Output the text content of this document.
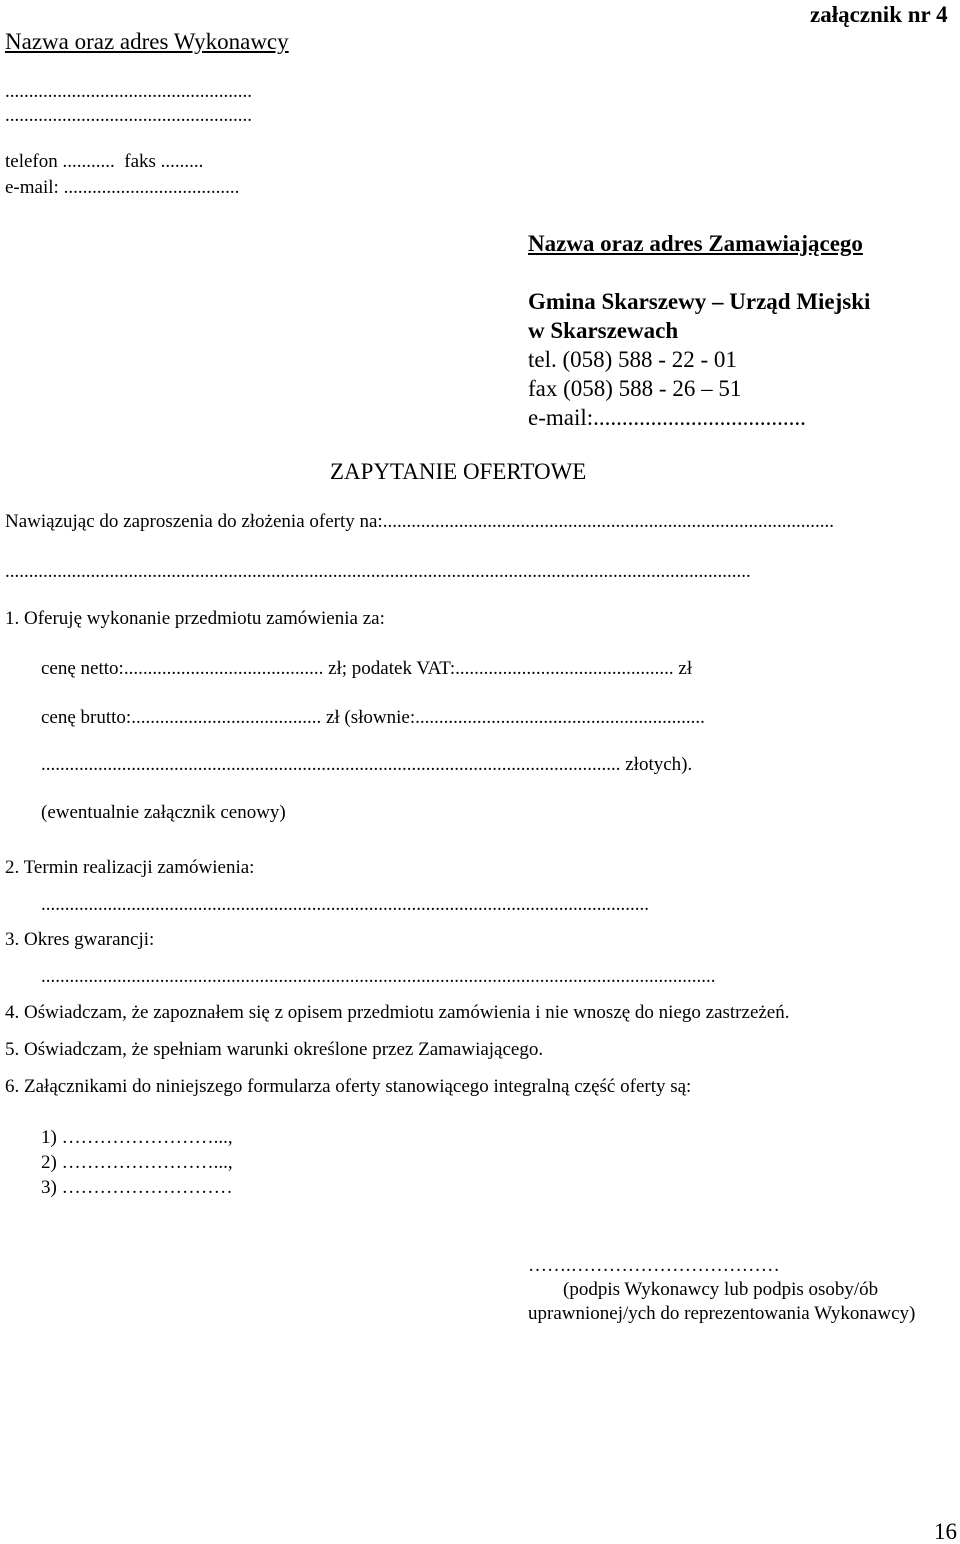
załącznik nr 4
Nazwa oraz adres Wykonawcy
....................................................
....................................................
telefon ........... faks .........
e-mail: .....................................
Nazwa oraz adres Zamawiającego
Gmina Skarszewy – Urząd Miejski
w Skarszewach
tel. (058) 588 - 22 - 01
fax (058) 588 - 26 – 51
e-mail:.....................................
ZAPYTANIE OFERTOWE
Nawiązując do zaproszenia do złożenia oferty na:...............................................................................................
.............................................................................................................................................................
1. Oferuję wykonanie przedmiotu zamówienia za:
cenę netto:.......................................... zł; podatek VAT:.............................................. zł
cenę brutto:........................................ zł (słownie:.............................................................
.......................................................................................................................... złotych).
(ewentualnie załącznik cenowy)
2. Termin realizacji zamówienia:
................................................................................................................................
3. Okres gwarancji:
..............................................................................................................................................
4. Oświadczam, że zapoznałem się z opisem przedmiotu zamówienia i nie wnoszę do niego zastrzeżeń.
5. Oświadczam, że spełniam warunki określone przez Zamawiającego.
6. Załącznikami do niniejszego formularza oferty stanowiącego integralną część oferty są:
1) ……………………...,
2) ……………………...,
3) ………………………
…….……………………………
(podpis Wykonawcy lub podpis osoby/ób
uprawnionej/ych do reprezentowania Wykonawcy)
16
